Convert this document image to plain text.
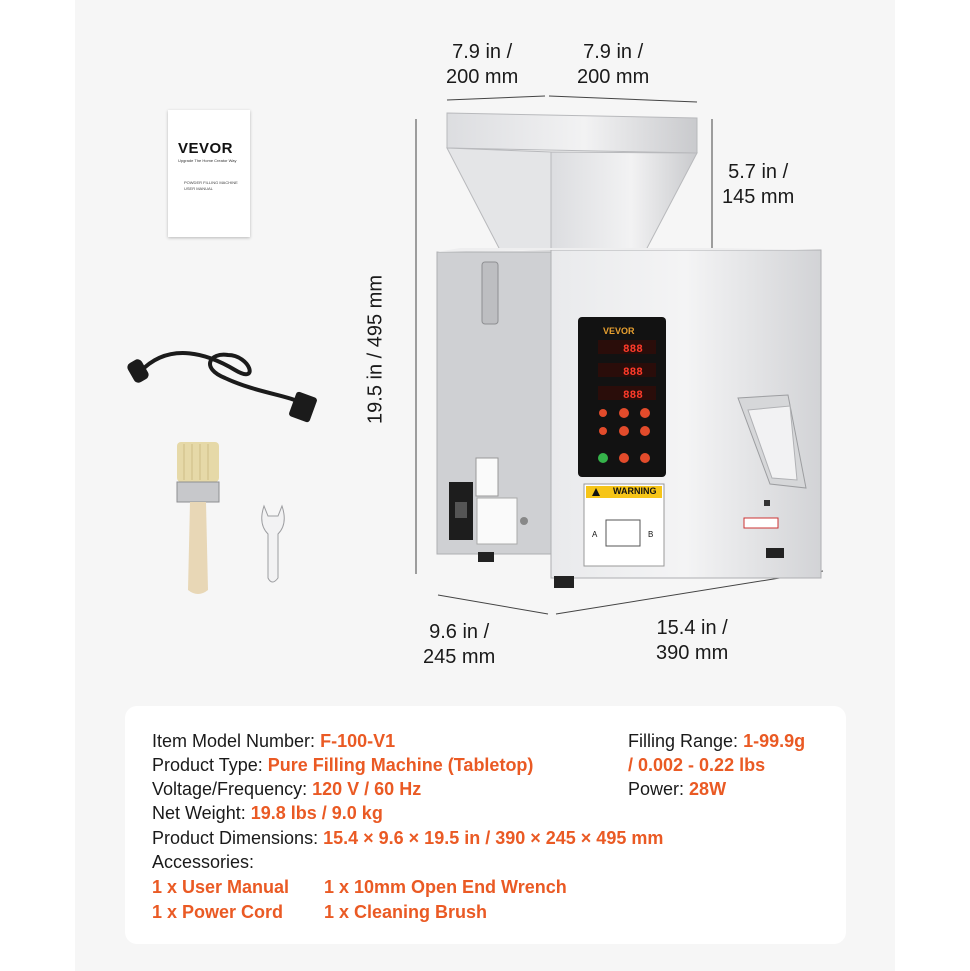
888
888
888
A	B
VEVOR
Upgrade The Home Creator Way
POWDER FILLING MACHINE
USER MANUAL
VEVOR
WARNING
7.9 in /
200 mm
7.9 in /
200 mm
5.7 in /
145 mm
19.5 in / 495 mm
9.6 in /
245 mm
15.4 in /
390 mm
Item Model Number: F-100-V1
Product Type: Pure Filling Machine (Tabletop)
Voltage/Frequency: 120 V / 60 Hz
Net Weight: 19.8 lbs / 9.0 kg
Product Dimensions: 15.4 × 9.6 × 19.5 in / 390 × 245 × 495 mm
Accessories:
1 x User Manual 1 x 10mm Open End Wrench
1 x Power Cord 1 x Cleaning Brush
Filling Range: 1-99.9g
/ 0.002 - 0.22 lbs
Power: 28W
